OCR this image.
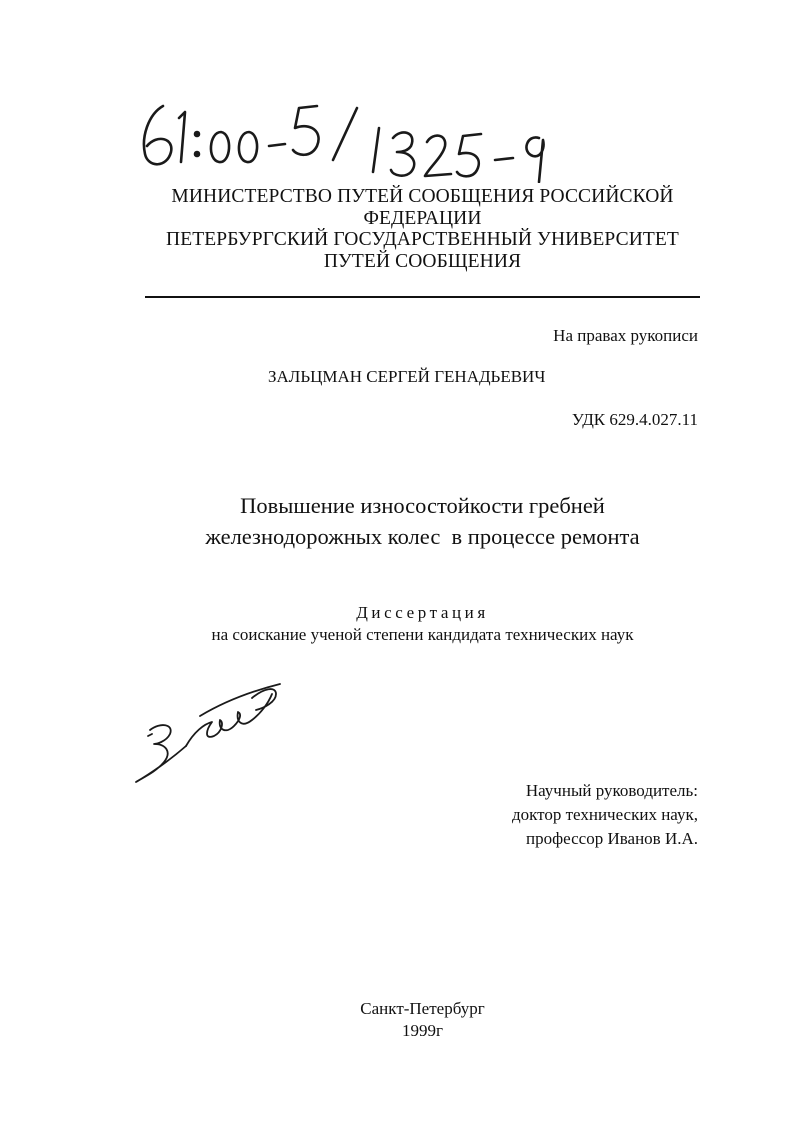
МИНИСТЕРСТВО ПУТЕЙ СООБЩЕНИЯ РОССИЙСКОЙ
ФЕДЕРАЦИИ
ПЕТЕРБУРГСКИЙ ГОСУДАРСТВЕННЫЙ УНИВЕРСИТЕТ
ПУТЕЙ СООБЩЕНИЯ
На правах рукописи
ЗАЛЬЦМАН СЕРГЕЙ ГЕНАДЬЕВИЧ
УДК 629.4.027.11
Повышение износостойкости гребней
железнодорожных колес  в процессе ремонта
Диссертация
на соискание ученой степени кандидата технических наук
Научный руководитель:
доктор технических наук,
профессор Иванов И.А.
Санкт-Петербург
1999г
